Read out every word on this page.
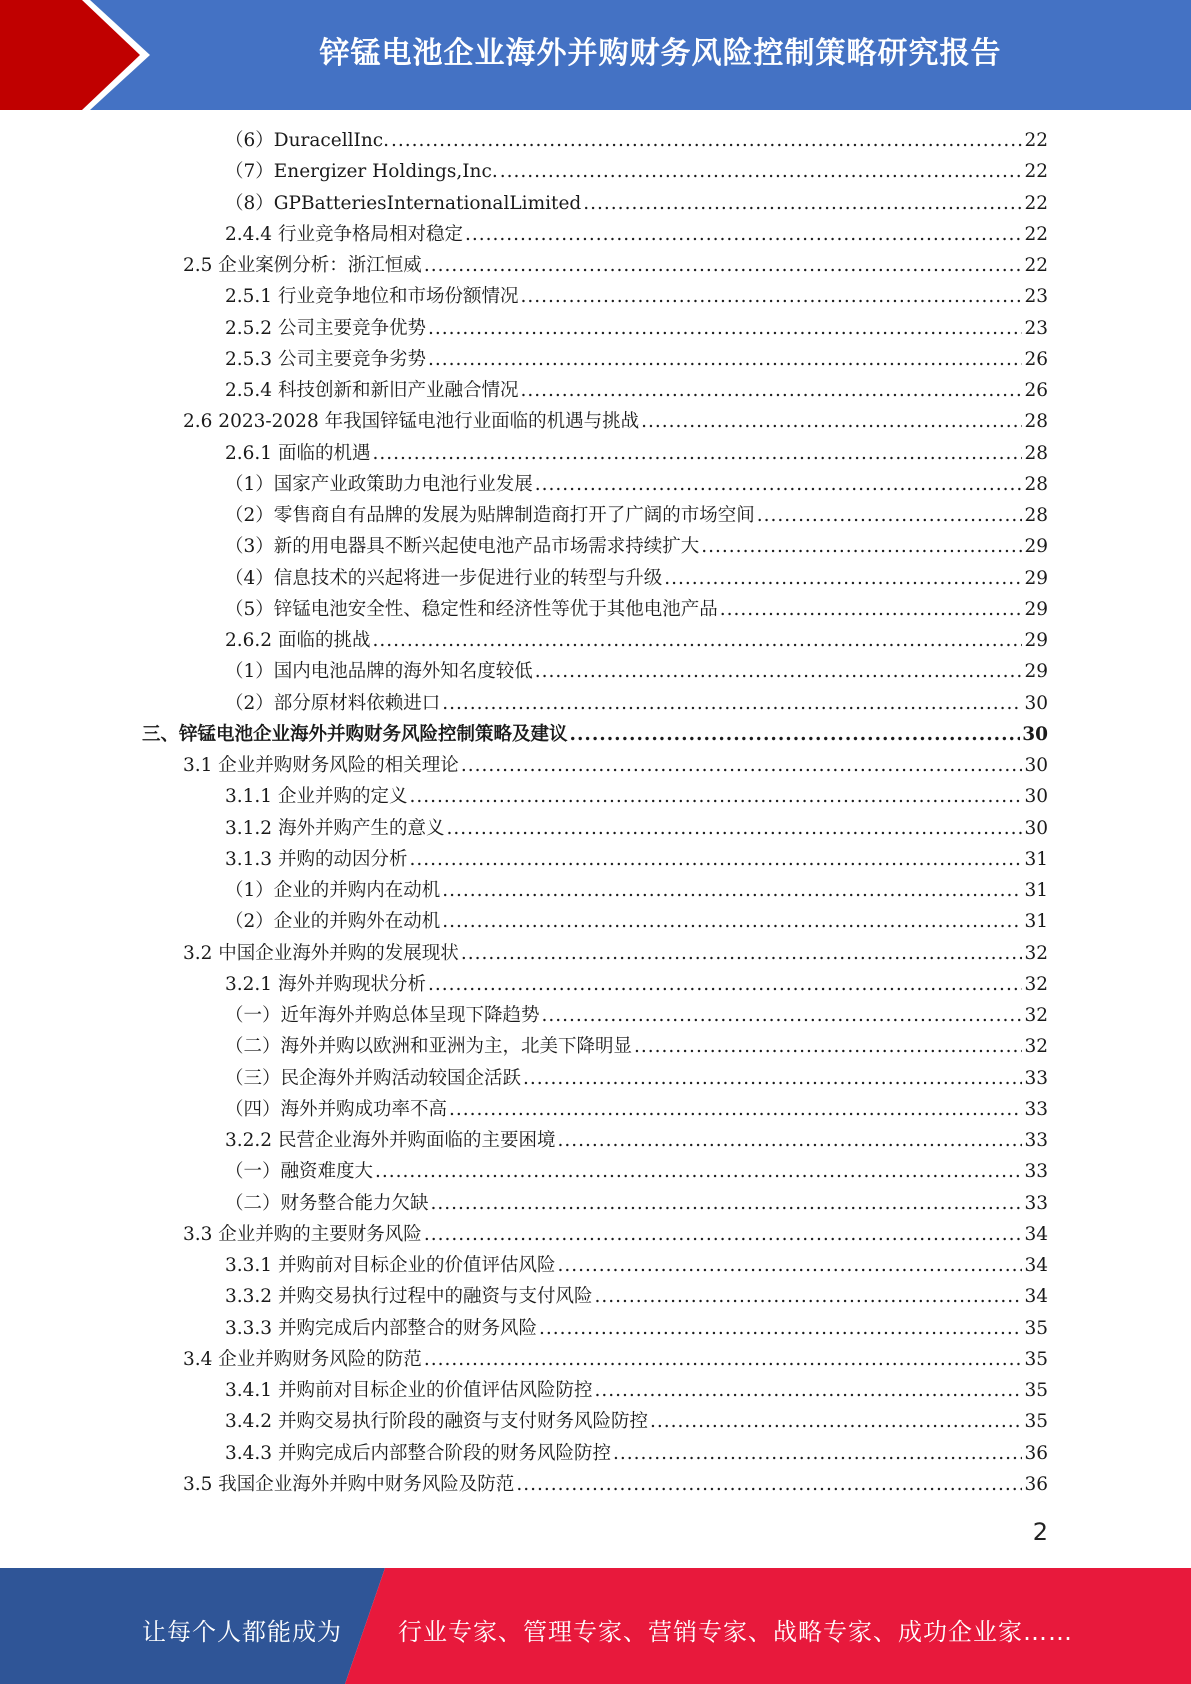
锌锰电池企业海外并购财务风险控制策略研究报告
（6）DuracellInc. .....	22
（7）Energizer Holdings,Inc. .....	22
（8）GPBatteriesInternationalLimited .....	22
2.4.4 行业竞争格局相对稳定 .....	22
2.5 企业案例分析：浙江恒威 .....	22
2.5.1 行业竞争地位和市场份额情况 .....	23
2.5.2 公司主要竞争优势 .....	23
2.5.3 公司主要竞争劣势 .....	26
2.5.4 科技创新和新旧产业融合情况 .....	26
2.6 2023-2028 年我国锌锰电池行业面临的机遇与挑战 .....	28
2.6.1 面临的机遇 .....	28
（1）国家产业政策助力电池行业发展 .....	28
（2）零售商自有品牌的发展为贴牌制造商打开了广阔的市场空间 .....	28
（3）新的用电器具不断兴起使电池产品市场需求持续扩大 .....	29
（4）信息技术的兴起将进一步促进行业的转型与升级 .....	29
（5）锌锰电池安全性、稳定性和经济性等优于其他电池产品 .....	29
2.6.2 面临的挑战 .....	29
（1）国内电池品牌的海外知名度较低 .....	29
（2）部分原材料依赖进口 .....	30
三、锌锰电池企业海外并购财务风险控制策略及建议 .....	30
3.1 企业并购财务风险的相关理论 .....	30
3.1.1 企业并购的定义 .....	30
3.1.2 海外并购产生的意义 .....	30
3.1.3 并购的动因分析 .....	31
（1）企业的并购内在动机 .....	31
（2）企业的并购外在动机 .....	31
3.2 中国企业海外并购的发展现状 .....	32
3.2.1 海外并购现状分析 .....	32
（一）近年海外并购总体呈现下降趋势 .....	32
（二）海外并购以欧洲和亚洲为主，北美下降明显 .....	32
（三）民企海外并购活动较国企活跃 .....	33
（四）海外并购成功率不高 .....	33
3.2.2 民营企业海外并购面临的主要困境 .....	33
（一）融资难度大 .....	33
（二）财务整合能力欠缺 .....	33
3.3 企业并购的主要财务风险 .....	34
3.3.1 并购前对目标企业的价值评估风险 .....	34
3.3.2 并购交易执行过程中的融资与支付风险 .....	34
3.3.3 并购完成后内部整合的财务风险 .....	35
3.4 企业并购财务风险的防范 .....	35
3.4.1 并购前对目标企业的价值评估风险防控 .....	35
3.4.2 并购交易执行阶段的融资与支付财务风险防控 .....	35
3.4.3 并购完成后内部整合阶段的财务风险防控 .....	36
3.5 我国企业海外并购中财务风险及防范 .....	36
2
让每个人都能成为 行业专家、管理专家、营销专家、战略专家、成功企业家……
